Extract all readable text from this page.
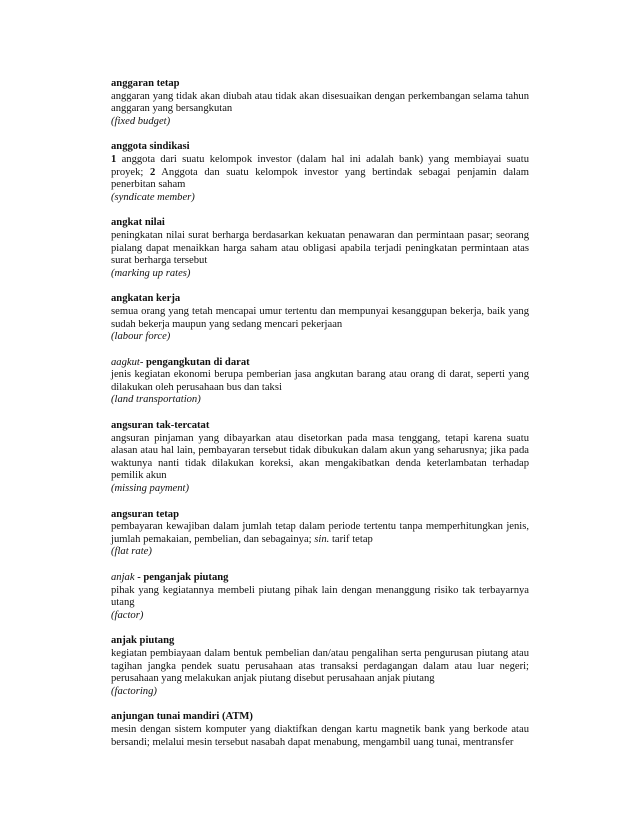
anggaran tetap
anggaran yang tidak akan diubah atau tidak akan disesuaikan dengan perkembangan selama tahun anggaran yang bersangkutan
(fixed budget)
anggota sindikasi
1 anggota dari suatu kelompok investor (dalam hal ini adalah bank) yang membiayai suatu proyek; 2 Anggota dan suatu kelompok investor yang bertindak sebagai penjamin dalam penerbitan saham
(syndicate member)
angkat nilai
peningkatan nilai surat berharga berdasarkan kekuatan penawaran dan permintaan pasar; seorang pialang dapat menaikkan harga saham atau obligasi apabila terjadi peningkatan permintaan atas surat berharga tersebut
(marking up rates)
angkatan kerja
semua orang yang tetah mencapai umur tertentu dan mempunyai kesanggupan bekerja, baik yang sudah bekerja maupun yang sedang mencari pekerjaan
(labour force)
aagkut- pengangkutan di darat
jenis kegiatan ekonomi berupa pemberian jasa angkutan barang atau orang di darat, seperti yang dilakukan oleh perusahaan bus dan taksi
(land transportation)
angsuran tak-tercatat
angsuran pinjaman yang dibayarkan atau disetorkan pada masa tenggang, tetapi karena suatu alasan atau hal lain, pembayaran tersebut tidak dibukukan dalam akun yang seharusnya; jika pada waktunya nanti tidak dilakukan koreksi, akan mengakibatkan denda keterlambatan terhadap pemilik akun
(missing payment)
angsuran tetap
pembayaran kewajiban dalam jumlah tetap dalam periode tertentu tanpa memperhitungkan jenis, jumlah pemakaian, pembelian, dan sebagainya; sin. tarif tetap
(flat rate)
anjak - penganjak piutang
pihak yang kegiatannya membeli piutang pihak lain dengan menanggung risiko tak terbayarnya utang
(factor)
anjak piutang
kegiatan pembiayaan dalam bentuk pembelian dan/atau pengalihan serta pengurusan piutang atau tagihan jangka pendek suatu perusahaan atas transaksi perdagangan dalam atau luar negeri; perusahaan yang melakukan anjak piutang disebut perusahaan anjak piutang
(factoring)
anjungan tunai mandiri (ATM)
mesin dengan sistem komputer yang diaktifkan dengan kartu magnetik bank yang berkode atau bersandi; melalui mesin tersebut nasabah dapat menabung, mengambil uang tunai, mentransfer
